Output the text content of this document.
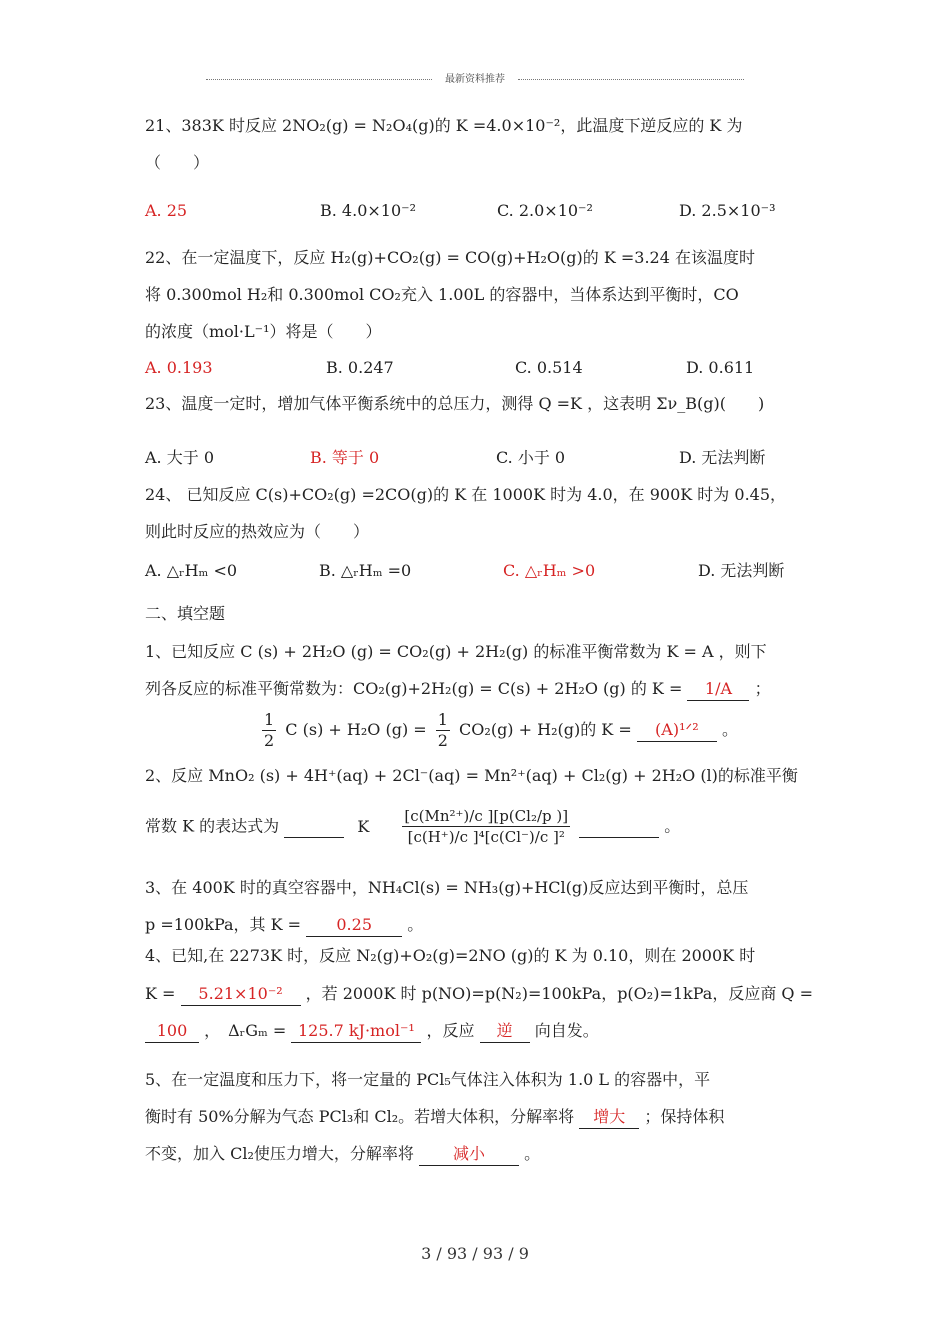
最新资料推荐
21、383K 时反应 2NO₂(g) = N₂O₄(g)的 K =4.0×10⁻²，此温度下逆反应的 K 为
（　　）
A. 25	B. 4.0×10⁻²	C. 2.0×10⁻²	D. 2.5×10⁻³
22、在一定温度下，反应 H₂(g)+CO₂(g) = CO(g)+H₂O(g)的 K =3.24 在该温度时
将 0.300mol H₂和 0.300mol CO₂充入 1.00L 的容器中，当体系达到平衡时，CO
的浓度（mol·L⁻¹）将是（　　）
A. 0.193	B. 0.247	C. 0.514	D. 0.611
23、温度一定时，增加气体平衡系统中的总压力，测得 Q =K ，这表明 Σν_B(g)(　　)
A. 大于 0	B. 等于 0	C. 小于 0	D. 无法判断
24、 已知反应 C(s)+CO₂(g) =2CO(g)的 K 在 1000K 时为 4.0，在 900K 时为 0.45，
则此时反应的热效应为（　　）
A. △ᵣHₘ <0	B. △ᵣHₘ =0	C. △ᵣHₘ >0	D. 无法判断
二、填空题
1、已知反应 C (s) + 2H₂O (g) = CO₂(g) + 2H₂(g) 的标准平衡常数为 K = A ，则下
列各反应的标准平衡常数为：CO₂(g)+2H₂(g) = C(s) + 2H₂O (g) 的 K = 1/A ；
$\frac{1}{2}$ C (s) + H₂O $(g) = \frac{1}{2} CO_2(g) + H_2(g)$的 K = (A)¹ᐟ² 。
2、反应 MnO₂ (s) + 4H⁺(aq) + 2Cl⁻(aq) = Mn²⁺(aq) + Cl₂(g) + 2H₂O (l)的标准平衡
常数 K 的表达式为	K $\frac{\text{[c(Mn²⁺)/c ][p(Cl₂/p )]}}{\text{[c(H⁺)/c ]⁴[c(Cl⁻)/c ]²}}$	。
3、在 400K 时的真空容器中，NH₄Cl(s) = NH₃(g)+HCl(g)反应达到平衡时，总压
p =100kPa，其 K = 0.25 。
4、已知,在 2273K 时，反应 N₂(g)+O₂(g)=2NO (g)的 K 为 0.10，则在 2000K 时
K = 5.21×10⁻² ，若 2000K 时 p(NO)=p(N₂)=100kPa，p(O₂)=1kPa，反应商 Q =
100 ，　ΔᵣGₘ = 125.7 kJ·mol⁻¹ ，反应 逆 向自发。
5、在一定温度和压力下，将一定量的 PCl₅气体注入体积为 1.0 L 的容器中，平
衡时有 50%分解为气态 PCl₃和 Cl₂。若增大体积，分解率将 增大 ；保持体积
不变，加入 Cl₂使压力增大，分解率将 减小 。
3 / 93 / 93 / 9
